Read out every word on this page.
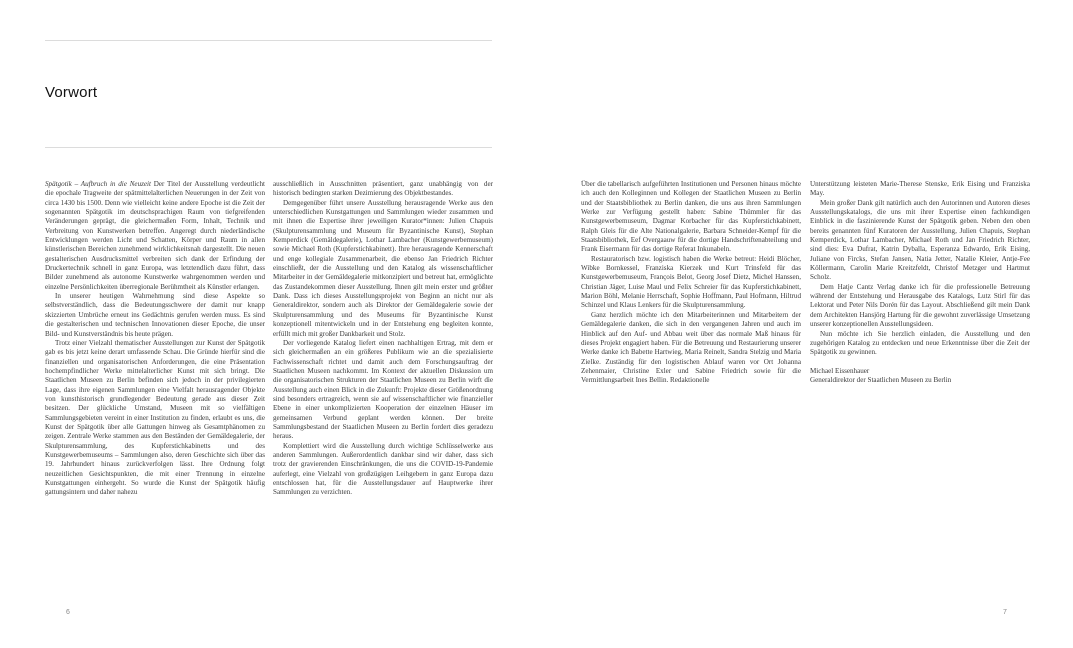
Vorwort

Spätgotik – Aufbruch in die Neuzeit Der Titel der Ausstellung verdeutlicht die epochale Tragweite der spätmittelalterlichen Neuerungen in der Zeit von circa 1430 bis 1500. Denn wie vielleicht keine andere Epoche ist die Zeit der sogenannten Spätgotik im deutschsprachigen Raum von tiefgreifenden Veränderungen geprägt, die gleichermaßen Form, Inhalt, Technik und Verbreitung von Kunstwerken betreffen. Angeregt durch niederländische Entwicklungen werden Licht und Schatten, Körper und Raum in allen künstlerischen Bereichen zunehmend wirklichkeitsnah dargestellt. Die neuen gestalterischen Ausdrucksmittel verbreiten sich dank der Erfindung der Druckertechnik schnell in ganz Europa, was letztendlich dazu führt, dass Bilder zunehmend als autonome Kunstwerke wahrgenommen werden und einzelne Persönlichkeiten überregionale Berühmtheit als Künstler erlangen.

In unserer heutigen Wahrnehmung sind diese Aspekte so selbstverständlich, dass die Bedeutungsschwere der damit nur knapp skizzierten Umbrüche erneut ins Gedächtnis gerufen werden muss. Es sind die gestalterischen und technischen Innovationen dieser Epoche, die unser Bild- und Kunstverständnis bis heute prägen.

Trotz einer Vielzahl thematischer Ausstellungen zur Kunst der Spätgotik gab es bis jetzt keine derart umfassende Schau. Die Gründe hierfür sind die finanziellen und organisatorischen Anforderungen, die eine Präsentation hochempfindlicher Werke mittelalterlicher Kunst mit sich bringt. Die Staatlichen Museen zu Berlin befinden sich jedoch in der privilegierten Lage, dass ihre eigenen Sammlungen eine Vielfalt herausragender Objekte von kunsthistorisch grundlegender Bedeutung gerade aus dieser Zeit besitzen. Der glückliche Umstand, Museen mit so vielfältigen Sammlungsgebieten vereint in einer Institution zu finden, erlaubt es uns, die Kunst der Spätgotik über alle Gattungen hinweg als Gesamtphänomen zu zeigen. Zentrale Werke stammen aus den Beständen der Gemäldegalerie, der Skulpturensammlung, des Kupferstichkabinetts und des Kunstgewerbemuseums – Sammlungen also, deren Geschichte sich über das 19. Jahrhundert hinaus zurückverfolgen lässt. Ihre Ordnung folgt neuzeitlichen Gesichtspunkten, die mit einer Trennung in einzelne Kunstgattungen einhergeht. So wurde die Kunst der Spätgotik häufig gattungsintern und daher nahezu

ausschließlich in Ausschnitten präsentiert, ganz unabhängig von der historisch bedingten starken Dezimierung des Objektbestandes.

Demgegenüber führt unsere Ausstellung herausragende Werke aus den unterschiedlichen Kunstgattungen und Sammlungen wieder zusammen und mit ihnen die Expertise ihrer jeweiligen Kurator*innen: Julien Chapuis (Skulpturensammlung und Museum für Byzantinische Kunst), Stephan Kemperdick (Gemäldegalerie), Lothar Lambacher (Kunstgewerbemuseum) sowie Michael Roth (Kupferstichkabinett). Ihre herausragende Kennerschaft und enge kollegiale Zusammenarbeit, die ebenso Jan Friedrich Richter einschließt, der die Ausstellung und den Katalog als wissenschaftlicher Mitarbeiter in der Gemäldegalerie mitkonzipiert und betreut hat, ermöglichte das Zustandekommen dieser Ausstellung. Ihnen gilt mein erster und größter Dank. Dass ich dieses Ausstellungsprojekt von Beginn an nicht nur als Generaldirektor, sondern auch als Direktor der Gemäldegalerie sowie der Skulpturensammlung und des Museums für Byzantinische Kunst konzeptionell mitentwickeln und in der Entstehung eng begleiten konnte, erfüllt mich mit großer Dankbarkeit und Stolz.

Der vorliegende Katalog liefert einen nachhaltigen Ertrag, mit dem er sich gleichermaßen an ein größeres Publikum wie an die spezialisierte Fachwissenschaft richtet und damit auch dem Forschungsauftrag der Staatlichen Museen nachkommt. Im Kontext der aktuellen Diskussion um die organisatorischen Strukturen der Staatlichen Museen zu Berlin wirft die Ausstellung auch einen Blick in die Zukunft: Projekte dieser Größenordnung sind besonders ertragreich, wenn sie auf wissenschaftlicher wie finanzieller Ebene in einer unkomplizierten Kooperation der einzelnen Häuser im gemeinsamen Verbund geplant werden können. Der breite Sammlungsbestand der Staatlichen Museen zu Berlin fordert dies geradezu heraus.

Komplettiert wird die Ausstellung durch wichtige Schlüsselwerke aus anderen Sammlungen. Außerordentlich dankbar sind wir daher, dass sich trotz der gravierenden Einschränkungen, die uns die COVID-19-Pandemie auferlegt, eine Vielzahl von großzügigen Leihgebern in ganz Europa dazu entschlossen hat, für die Ausstellungsdauer auf Hauptwerke ihrer Sammlungen zu verzichten.

6

Über die tabellarisch aufgeführten Institutionen und Personen hinaus möchte ich auch den Kolleginnen und Kollegen der Staatlichen Museen zu Berlin und der Staatsbibliothek zu Berlin danken, die uns aus ihren Sammlungen Werke zur Verfügung gestellt haben: Sabine Thümmler für das Kunstgewerbemuseum, Dagmar Korbacher für das Kupferstichkabinett, Ralph Gleis für die Alte Nationalgalerie, Barbara Schneider-Kempf für die Staatsbibliothek, Eef Overgaauw für die dortige Handschriftenabteilung und Frank Eisermann für das dortige Referat Inkunabeln.

Restauratorisch bzw. logistisch haben die Werke betreut: Heidi Blöcher, Wibke Bornkessel, Franziska Kierzek und Kurt Trinsfeld für das Kunstgewerbemuseum, François Belot, Georg Josef Dietz, Michel Hanssen, Christian Jäger, Luise Maul und Felix Schreier für das Kupferstichkabinett, Marion Böhl, Melanie Herrschaft, Sophie Hoffmann, Paul Hofmann, Hiltrud Schinzel und Klaus Lenkers für die Skulpturensammlung.

Ganz herzlich möchte ich den Mitarbeiterinnen und Mitarbeitern der Gemäldegalerie danken, die sich in den vergangenen Jahren und auch im Hinblick auf den Auf- und Abbau weit über das normale Maß hinaus für dieses Projekt engagiert haben. Für die Betreuung und Restaurierung unserer Werke danke ich Babette Hartwieg, Maria Reinelt, Sandra Stelzig und Maria Zielke. Zuständig für den logistischen Ablauf waren vor Ort Johanna Zehenmaier, Christine Exler und Sabine Friedrich sowie für die Vermittlungsarbeit Ines Bellin. Redaktionelle

Unterstützung leisteten Marie-Therese Stenske, Erik Eising und Franziska May.

Mein großer Dank gilt natürlich auch den Autorinnen und Autoren dieses Ausstellungskatalogs, die uns mit ihrer Expertise einen fachkundigen Einblick in die faszinierende Kunst der Spätgotik geben. Neben den oben bereits genannten fünf Kuratoren der Ausstellung, Julien Chapuis, Stephan Kemperdick, Lothar Lambacher, Michael Roth und Jan Friedrich Richter, sind dies: Eva Dufrat, Katrin Dyballa, Esperanza Edwardo, Erik Eising, Juliane von Fircks, Stefan Jansen, Natia Jetter, Natalie Kleier, Antje-Fee Köllermann, Carolin Marie Kreitzfeldt, Christof Metzger und Hartmut Scholz.

Dem Hatje Cantz Verlag danke ich für die professionelle Betreuung während der Entstehung und Herausgabe des Katalogs, Lutz Stirl für das Lektorat und Peter Nils Dorén für das Layout. Abschließend gilt mein Dank dem Architekten Hansjörg Hartung für die gewohnt zuverlässige Umsetzung unserer konzeptionellen Ausstellungsideen.

Nun möchte ich Sie herzlich einladen, die Ausstellung und den zugehörigen Katalog zu entdecken und neue Erkenntnisse über die Zeit der Spätgotik zu gewinnen.

Michael Eissenhauer

Generaldirektor der Staatlichen Museen zu Berlin

7
